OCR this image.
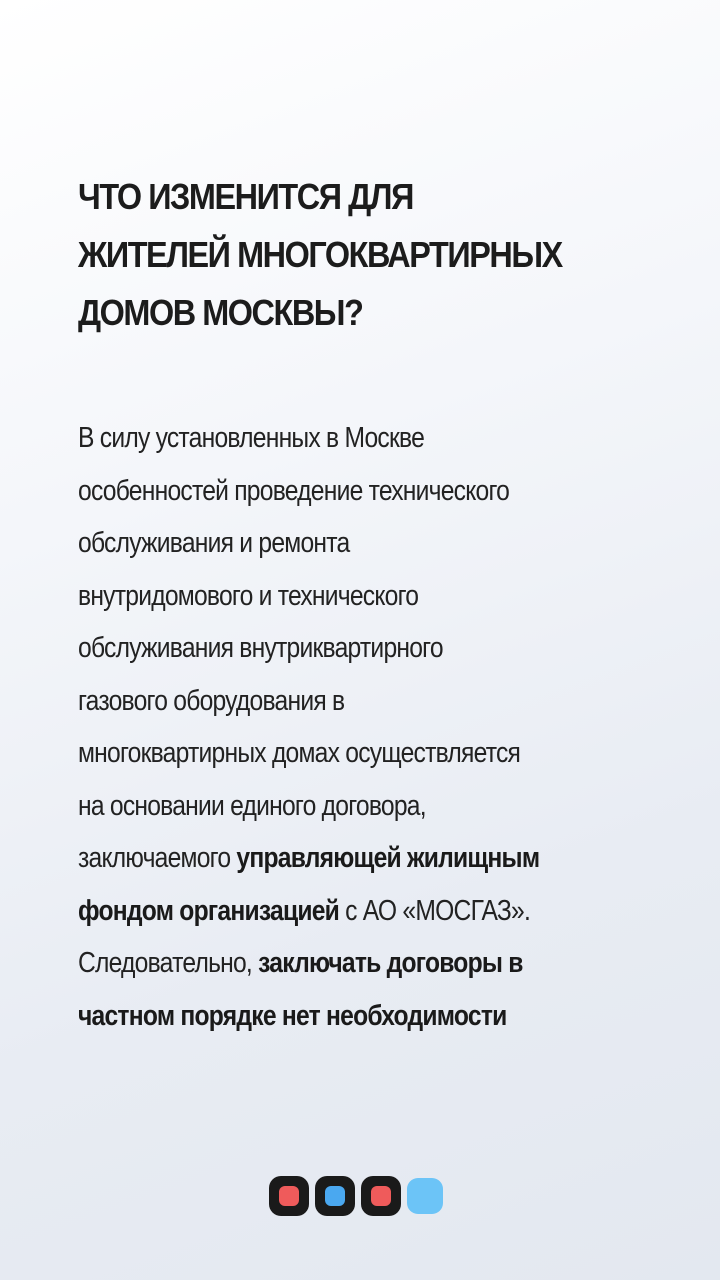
ЧТО ИЗМЕНИТСЯ ДЛЯ
ЖИТЕЛЕЙ МНОГОКВАРТИРНЫХ
ДОМОВ МОСКВЫ?
В силу установленных в Москве
особенностей проведение технического
обслуживания и ремонта
внутридомового и технического
обслуживания внутриквартирного
газового оборудования в
многоквартирных домах осуществляется
на основании единого договора,
заключаемого управляющей жилищным
фондом организацией с АО «МОСГАЗ».
Следовательно, заключать договоры в
частном порядке нет необходимости
